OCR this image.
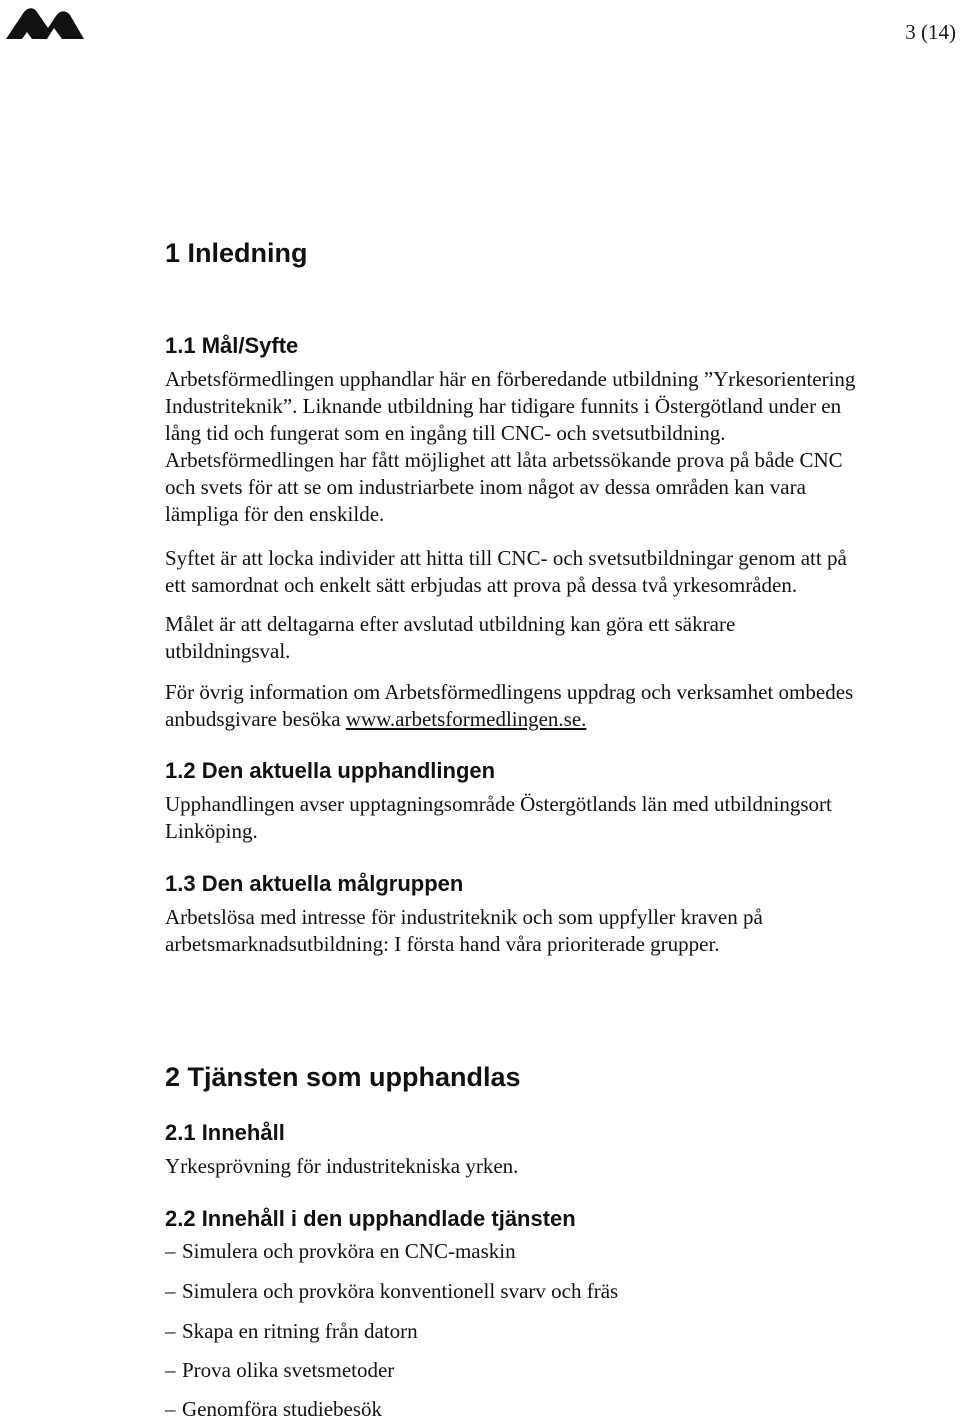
3 (14)
1 Inledning
1.1 Mål/Syfte
Arbetsförmedlingen upphandlar här en förberedande utbildning ”Yrkesorientering
Industriteknik”. Liknande utbildning har tidigare funnits i Östergötland under en
lång tid och fungerat som en ingång till CNC- och svetsutbildning.
Arbetsförmedlingen har fått möjlighet att låta arbetssökande prova på både CNC
och svets för att se om industriarbete inom något av dessa områden kan vara
lämpliga för den enskilde.
Syftet är att locka individer att hitta till CNC- och svetsutbildningar genom att på
ett samordnat och enkelt sätt erbjudas att prova på dessa två yrkesområden.
Målet är att deltagarna efter avslutad utbildning kan göra ett säkrare
utbildningsval.
För övrig information om Arbetsförmedlingens uppdrag och verksamhet ombedes
anbudsgivare besöka www.arbetsformedlingen.se.
1.2 Den aktuella upphandlingen
Upphandlingen avser upptagningsområde Östergötlands län med utbildningsort
Linköping.
1.3 Den aktuella målgruppen
Arbetslösa med intresse för industriteknik och som uppfyller kraven på
arbetsmarknadsutbildning: I första hand våra prioriterade grupper.
2 Tjänsten som upphandlas
2.1 Innehåll
Yrkesprövning för industritekniska yrken.
2.2 Innehåll i den upphandlade tjänsten
– Simulera och provköra en CNC-maskin
– Simulera och provköra konventionell svarv och fräs
– Skapa en ritning från datorn
– Prova olika svetsmetoder
– Genomföra studiebesök
